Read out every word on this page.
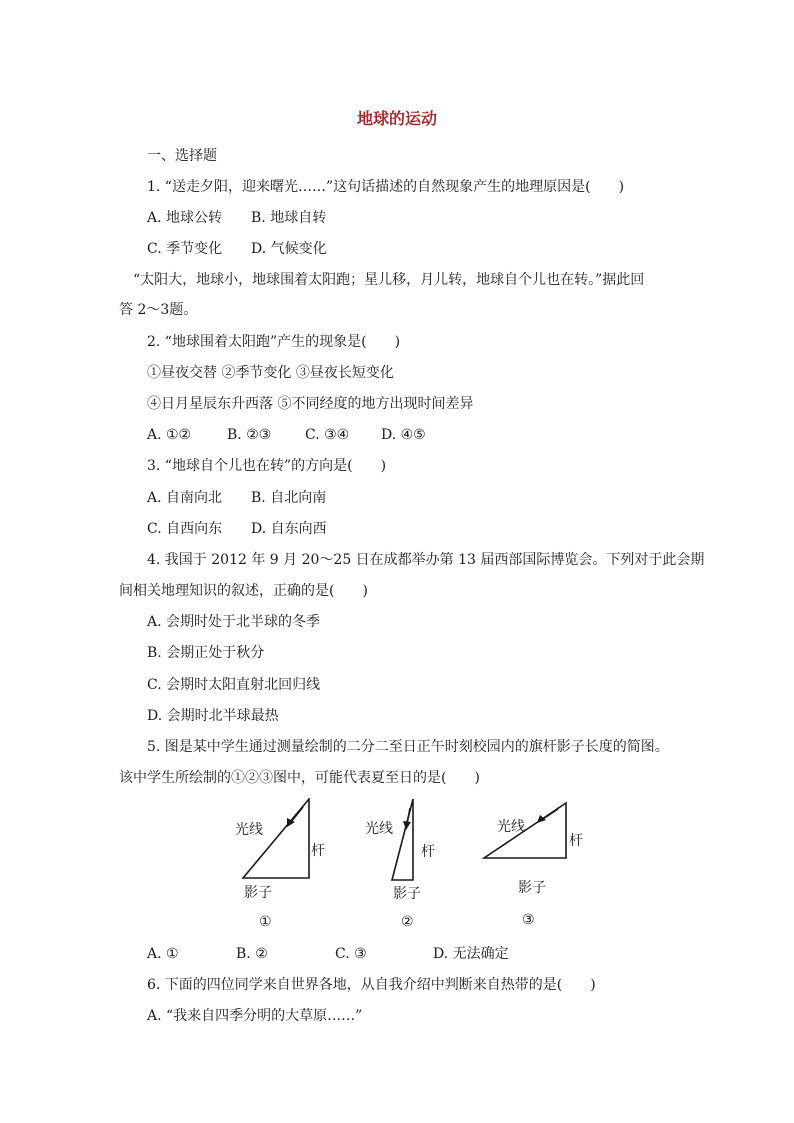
地球的运动
一、选择题
1. “送走夕阳，迎来曙光……”这句话描述的自然现象产生的地理原因是(　　)
A. 地球公转 B. 地球自转
C. 季节变化 D. 气候变化
“太阳大，地球小，地球围着太阳跑；星儿移，月儿转，地球自个儿也在转。”据此回
答 2～3题。
2. “地球围着太阳跑”产生的现象是(　　)
①昼夜交替 ②季节变化 ③昼夜长短变化
④日月星辰东升西落 ⑤不同经度的地方出现时间差异
A. ①②	B. ②③ C. ③④ D. ④⑤
3. “地球自个儿也在转”的方向是(　　)
A. 自南向北 B. 自北向南
C. 自西向东 D. 自东向西
4. 我国于 2012 年 9 月 20～25 日在成都举办第 13 届西部国际博览会。下列对于此会期
间相关地理知识的叙述，正确的是(　　)
A. 会期时处于北半球的冬季
B. 会期正处于秋分
C. 会期时太阳直射北回归线
D. 会期时北半球最热
5. 图是某中学生通过测量绘制的二分二至日正午时刻校园内的旗杆影子长度的简图。
该中学生所绘制的①②③图中，可能代表夏至日的是(　　)
光线
杆
影子
①
光线
杆
影子
②
光线
杆
影子
③
A. ①	B. ②	C. ③	D. 无法确定
6. 下面的四位同学来自世界各地，从自我介绍中判断来自热带的是(　　)
A. “我来自四季分明的大草原……”
